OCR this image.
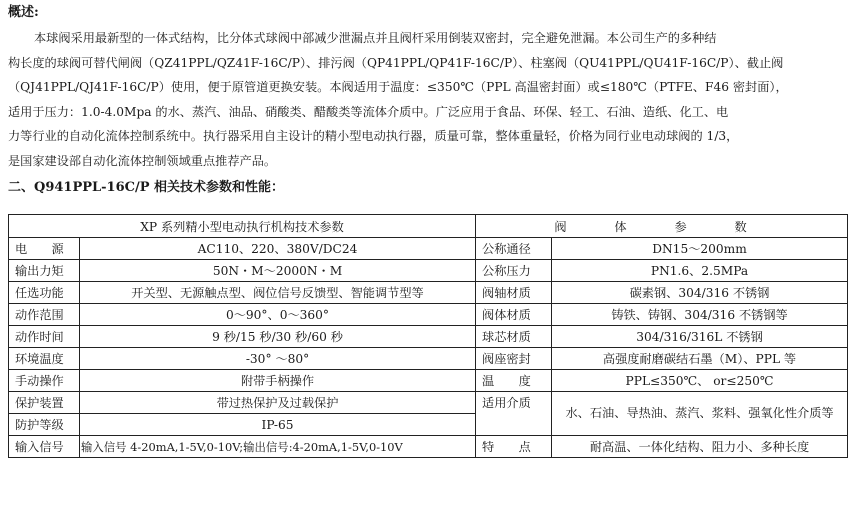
概述:
本球阀采用最新型的一体式结构，比分体式球阀中部减少泄漏点并且阀杆采用倒装双密封，完全避免泄漏。本公司生产的多种结
构长度的球阀可替代闸阀（QZ41PPL/QZ41F-16C/P）、排污阀（QP41PPL/QP41F-16C/P）、柱塞阀（QU41PPL/QU41F-16C/P）、截止阀
（QJ41PPL/QJ41F-16C/P）使用，便于原管道更换安装。本阀适用于温度：≤350℃（PPL 高温密封面）或≤180℃（PTFE、F46 密封面），
适用于压力：1.0-4.0Mpa 的水、蒸汽、油品、硝酸类、醋酸类等流体介质中。广泛应用于食品、环保、轻工、石油、造纸、化工、电
力等行业的自动化流体控制系统中。执行器采用自主设计的精小型电动执行器，质量可靠，整体重量轻，价格为同行业电动球阀的 1/3，
是国家建设部自动化流体控制领域重点推荐产品。
二、Q941PPL-16C/P 相关技术参数和性能：
XP 系列精小型电动执行机构技术参数		阀 体 参 数	
电　　源	AC110、220、380V/DC24	公称通径	DN15～200mm
输出力矩	50N・M～2000N・M	公称压力	PN1.6、2.5MPa
任选功能	开关型、无源触点型、阀位信号反馈型、智能调节型等	阀轴材质	碳素钢、304/316 不锈钢
动作范围	0～90°、0～360°	阀体材质	铸铁、铸钢、304/316 不锈钢等
动作时间	9 秒/15 秒/30 秒/60 秒	球芯材质	304/316/316L 不锈钢
环境温度	-30° ～80°	阀座密封	高强度耐磨碳结石墨（M）、PPL 等
手动操作	附带手柄操作	温　　度	PPL≤350℃、 or≤250℃
保护装置	带过热保护及过载保护	适用介质	水、石油、导热油、蒸汽、浆料、强氧化性介质等
防护等级	IP-65		
输入信号	输入信号 4-20mA,1-5V,0-10V;输出信号:4-20mA,1-5V,0-10V	特　　点	耐高温、一体化结构、阻力小、多种长度
